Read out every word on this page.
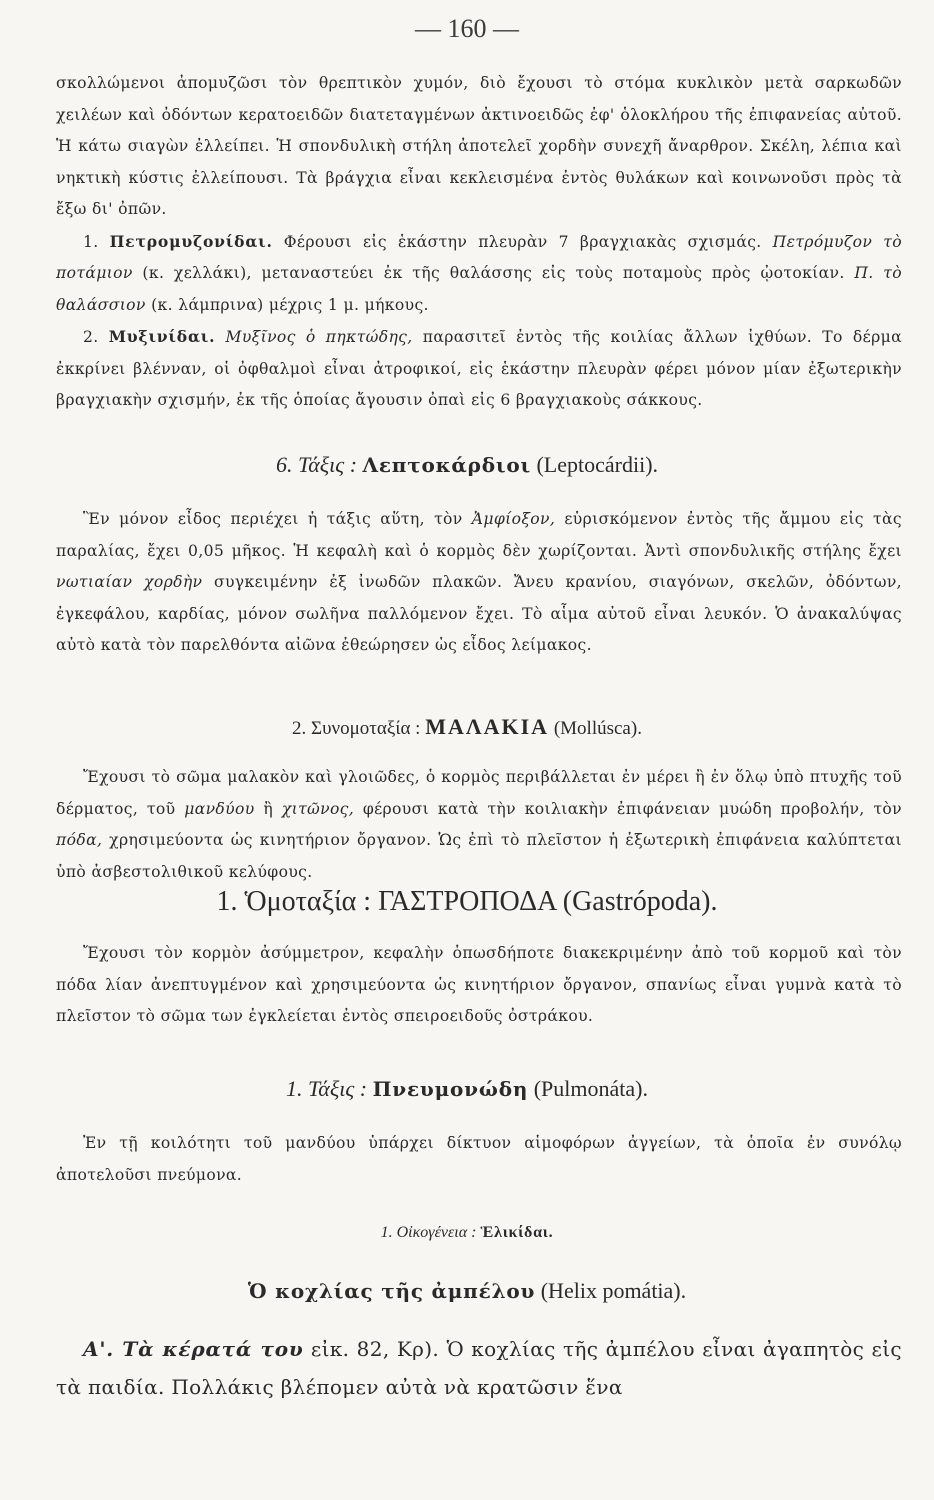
— 160 —

σκολλώμενοι ἀπομυζῶσι τὸν θρεπτικὸν χυμόν, διὸ ἔχουσι τὸ στόμα κυκλικὸν μετὰ σαρκωδῶν χειλέων καὶ ὀδόντων κερατοειδῶν διατεταγμένων ἀκτινοειδῶς ἐφ' ὁλοκλήρου τῆς ἐπιφανείας αὐτοῦ. Ἡ κάτω σιαγὼν ἐλλείπει. Ἡ σπονδυλικὴ στήλη ἀποτελεῖ χορδὴν συνεχῆ ἄναρθρον. Σκέλη, λέπια καὶ νηκτικὴ κύστις ἐλλείπουσι. Τὰ βράγχια εἶναι κεκλεισμένα ἐντὸς θυλάκων καὶ κοινωνοῦσι πρὸς τὰ ἔξω δι' ὀπῶν.

1. Πετρομυζονίδαι. Φέρουσι εἰς ἑκάστην πλευρὰν 7 βραγχιακὰς σχισμάς. Πετρόμυζον τὸ ποτάμιον (κ. χελλάκι), μεταναστεύει ἐκ τῆς θαλάσσης εἰς τοὺς ποταμοὺς πρὸς ᾠοτοκίαν. Π. τὸ θαλάσσιον (κ. λάμπρινα) μέχρις 1 μ. μήκους.

2. Μυξινίδαι. Μυξῖνος ὁ πηκτώδης, παρασιτεῖ ἐντὸς τῆς κοιλίας ἄλλων ἰχθύων. Το δέρμα ἐκκρίνει βλένναν, οἱ ὀφθαλμοὶ εἶναι ἀτροφικοί, εἰς ἑκάστην πλευρὰν φέρει μόνον μίαν ἐξωτερικὴν βραγχιακὴν σχισμήν, ἐκ τῆς ὁποίας ἄγουσιν ὀπαὶ εἰς 6 βραγχιακοὺς σάκκους.

6. Τάξις : Λεπτοκάρδιοι (Leptocárdii).

Ἓν μόνον εἶδος περιέχει ἡ τάξις αὕτη, τὸν Ἀμφίοξον, εὑρισκόμενον ἐντὸς τῆς ἄμμου εἰς τὰς παραλίας, ἔχει 0,05 μῆκος. Ἡ κεφαλὴ καὶ ὁ κορμὸς δὲν χωρίζονται. Ἀντὶ σπονδυλικῆς στήλης ἔχει νωτιαίαν χορδὴν συγκειμένην ἐξ ἰνωδῶν πλακῶν. Ἄνευ κρανίου, σιαγόνων, σκελῶν, ὀδόντων, ἐγκεφάλου, καρδίας, μόνον σωλῆνα παλλόμενον ἔχει. Τὸ αἷμα αὐτοῦ εἶναι λευκόν. Ὁ ἀνακαλύψας αὐτὸ κατὰ τὸν παρελθόντα αἰῶνα ἐθεώρησεν ὡς εἶδος λείμακος.

2. Συνομοταξία : ΜΑΛΑΚΙΑ (Mollúsca).

Ἔχουσι τὸ σῶμα μαλακὸν καὶ γλοιῶδες, ὁ κορμὸς περιβάλλεται ἐν μέρει ἢ ἐν ὅλῳ ὑπὸ πτυχῆς τοῦ δέρματος, τοῦ μανδύου ἢ χιτῶνος, φέρουσι κατὰ τὴν κοιλιακὴν ἐπιφάνειαν μυώδη προβολήν, τὸν πόδα, χρησιμεύοντα ὡς κινητήριον ὄργανον. Ὡς ἐπὶ τὸ πλεῖστον ἡ ἐξωτερικὴ ἐπιφάνεια καλύπτεται ὑπὸ ἀσβεστολιθικοῦ κελύφους.

1. Ὁμοταξία : ΓΑΣΤΡΟΠΟΔΑ (Gastrópoda).

Ἔχουσι τὸν κορμὸν ἀσύμμετρον, κεφαλὴν ὁπωσδήποτε διακεκριμένην ἀπὸ τοῦ κορμοῦ καὶ τὸν πόδα λίαν ἀνεπτυγμένον καὶ χρησιμεύοντα ὡς κινητήριον ὄργανον, σπανίως εἶναι γυμνὰ κατὰ τὸ πλεῖστον τὸ σῶμα των ἐγκλείεται ἐντὸς σπειροειδοῦς ὀστράκου.

1. Τάξις : Πνευμονώδη (Pulmonáta).

Ἐν τῇ κοιλότητι τοῦ μανδύου ὑπάρχει δίκτυον αἱμοφόρων ἀγγείων, τὰ ὁποῖα ἐν συνόλῳ ἀποτελοῦσι πνεύμονα.

1. Οἰκογένεια : Ἑλικίδαι.
Ὁ κοχλίας τῆς ἀμπέλου (Helix pomátia).

Α'. Τὰ κέρατά του εἰκ. 82, Κρ). Ὁ κοχλίας τῆς ἀμπέλου εἶναι ἀγαπητὸς εἰς τὰ παιδία. Πολλάκις βλέπομεν αὐτὰ νὰ κρατῶσιν ἕνα
